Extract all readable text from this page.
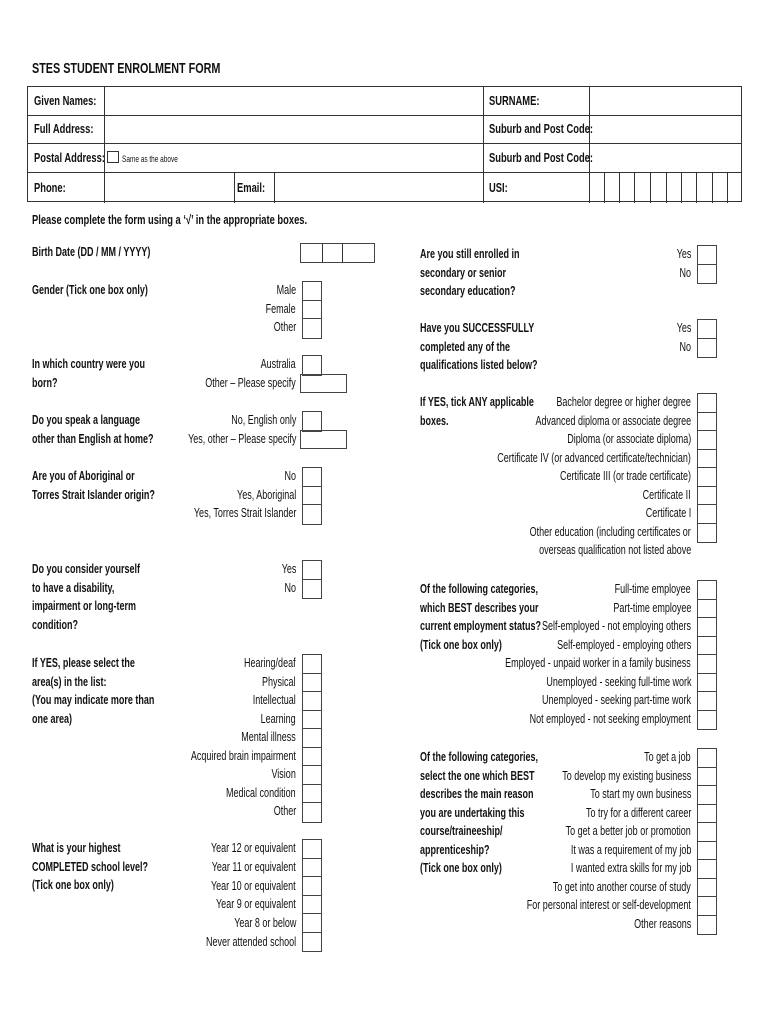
STES STUDENT ENROLMENT FORM
Given Names:	SURNAME:
Full Address:	Suburb and Post Code:
Postal Address: Same as the above	Suburb and Post Code:
Phone:	Email:	USI:
Please complete the form using a ‘√’ in the appropriate boxes.
Birth Date (DD / MM / YYYY)
Gender (Tick one box only)	Male
Female
Other
In which country were you
born?
Australia
Other – Please specify
Do you speak a language
other than English at home?
No, English only
Yes, other – Please specify
Are you of Aboriginal or
Torres Strait Islander origin?
No
Yes, Aboriginal
Yes, Torres Strait Islander
Do you consider yourself
to have a disability,
impairment or long-term
condition?
Yes
No
If YES, please select the
area(s) in the list:
(You may indicate more than
one area)
Hearing/deaf
Physical
Intellectual
Learning
Mental illness
Acquired brain impairment
Vision
Medical condition
Other
What is your highest
COMPLETED school level?
(Tick one box only)
Year 12 or equivalent
Year 11 or equivalent
Year 10 or equivalent
Year 9 or equivalent
Year 8 or below
Never attended school
Are you still enrolled in
secondary or senior
secondary education?
Yes
No
Have you SUCCESSFULLY
completed any of the
qualifications listed below?
Yes
No
If YES, tick ANY applicable
boxes.
Bachelor degree or higher degree
Advanced diploma or associate degree
Diploma (or associate diploma)
Certificate IV (or advanced certificate/technician)
Certificate III (or trade certificate)
Certificate II
Certificate I
Other education (including certificates or
overseas qualification not listed above
Of the following categories,
which BEST describes your
current employment status?
(Tick one box only)
Full-time employee
Part-time employee
Self-employed - not employing others
Self-employed - employing others
Employed - unpaid worker in a family business
Unemployed - seeking full-time work
Unemployed - seeking part-time work
Not employed - not seeking employment
Of the following categories,
select the one which BEST
describes the main reason
you are undertaking this
course/traineeship/
apprenticeship?
(Tick one box only)
To get a job
To develop my existing business
To start my own business
To try for a different career
To get a better job or promotion
It was a requirement of my job
I wanted extra skills for my job
To get into another course of study
For personal interest or self-development
Other reasons
